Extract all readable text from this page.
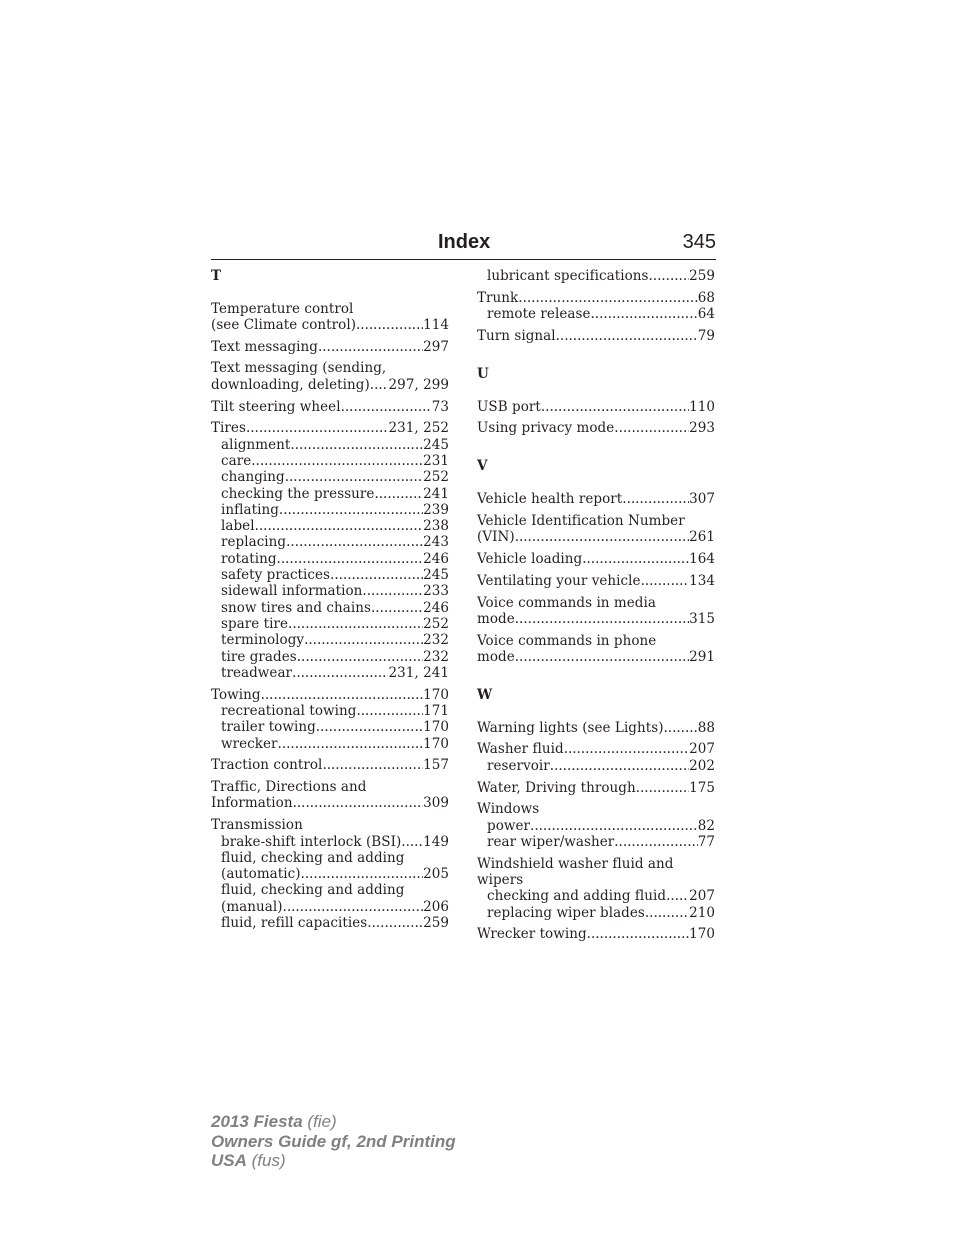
Index	345
T
Temperature control
(see Climate control) .....	114
Text messaging .....	297
Text messaging (sending,
downloading, deleting) ..... 297, 299
Tilt steering wheel .....	73
Tires .....	231, 252
alignment .....	245
care .....	231
changing .....	252
checking the pressure .....	241
inflating .....	239
label .....	238
replacing .....	243
rotating .....	246
safety practices .....	245
sidewall information .....	233
snow tires and chains .....	246
spare tire .....	252
terminology .....	232
tire grades .....	232
treadwear .....	231, 241
Towing .....	170
recreational towing .....	171
trailer towing .....	170
wrecker .....	170
Traction control .....	157
Traffic, Directions and
Information .....	309
Transmission
brake-shift interlock (BSI) ..... 149
fluid, checking and adding
(automatic) .....	205
fluid, checking and adding
(manual) .....	206
fluid, refill capacities .....	259
lubricant specifications .....	259
Trunk .....	68
remote release .....	64
Turn signal .....	79
U
USB port .....	110
Using privacy mode .....	293
V
Vehicle health report .....	307
Vehicle Identification Number
(VIN) .....	261
Vehicle loading .....	164
Ventilating your vehicle .....	134
Voice commands in media
mode .....	315
Voice commands in phone
mode .....	291
W
Warning lights (see Lights) .....	88
Washer fluid .....	207
reservoir .....	202
Water, Driving through .....	175
Windows
power .....	82
rear wiper/washer .....	77
Windshield washer fluid and
wipers
checking and adding fluid ..... 207
replacing wiper blades .....	210
Wrecker towing .....	170
2013 Fiesta (fie)
Owners Guide gf, 2nd Printing
USA (fus)
